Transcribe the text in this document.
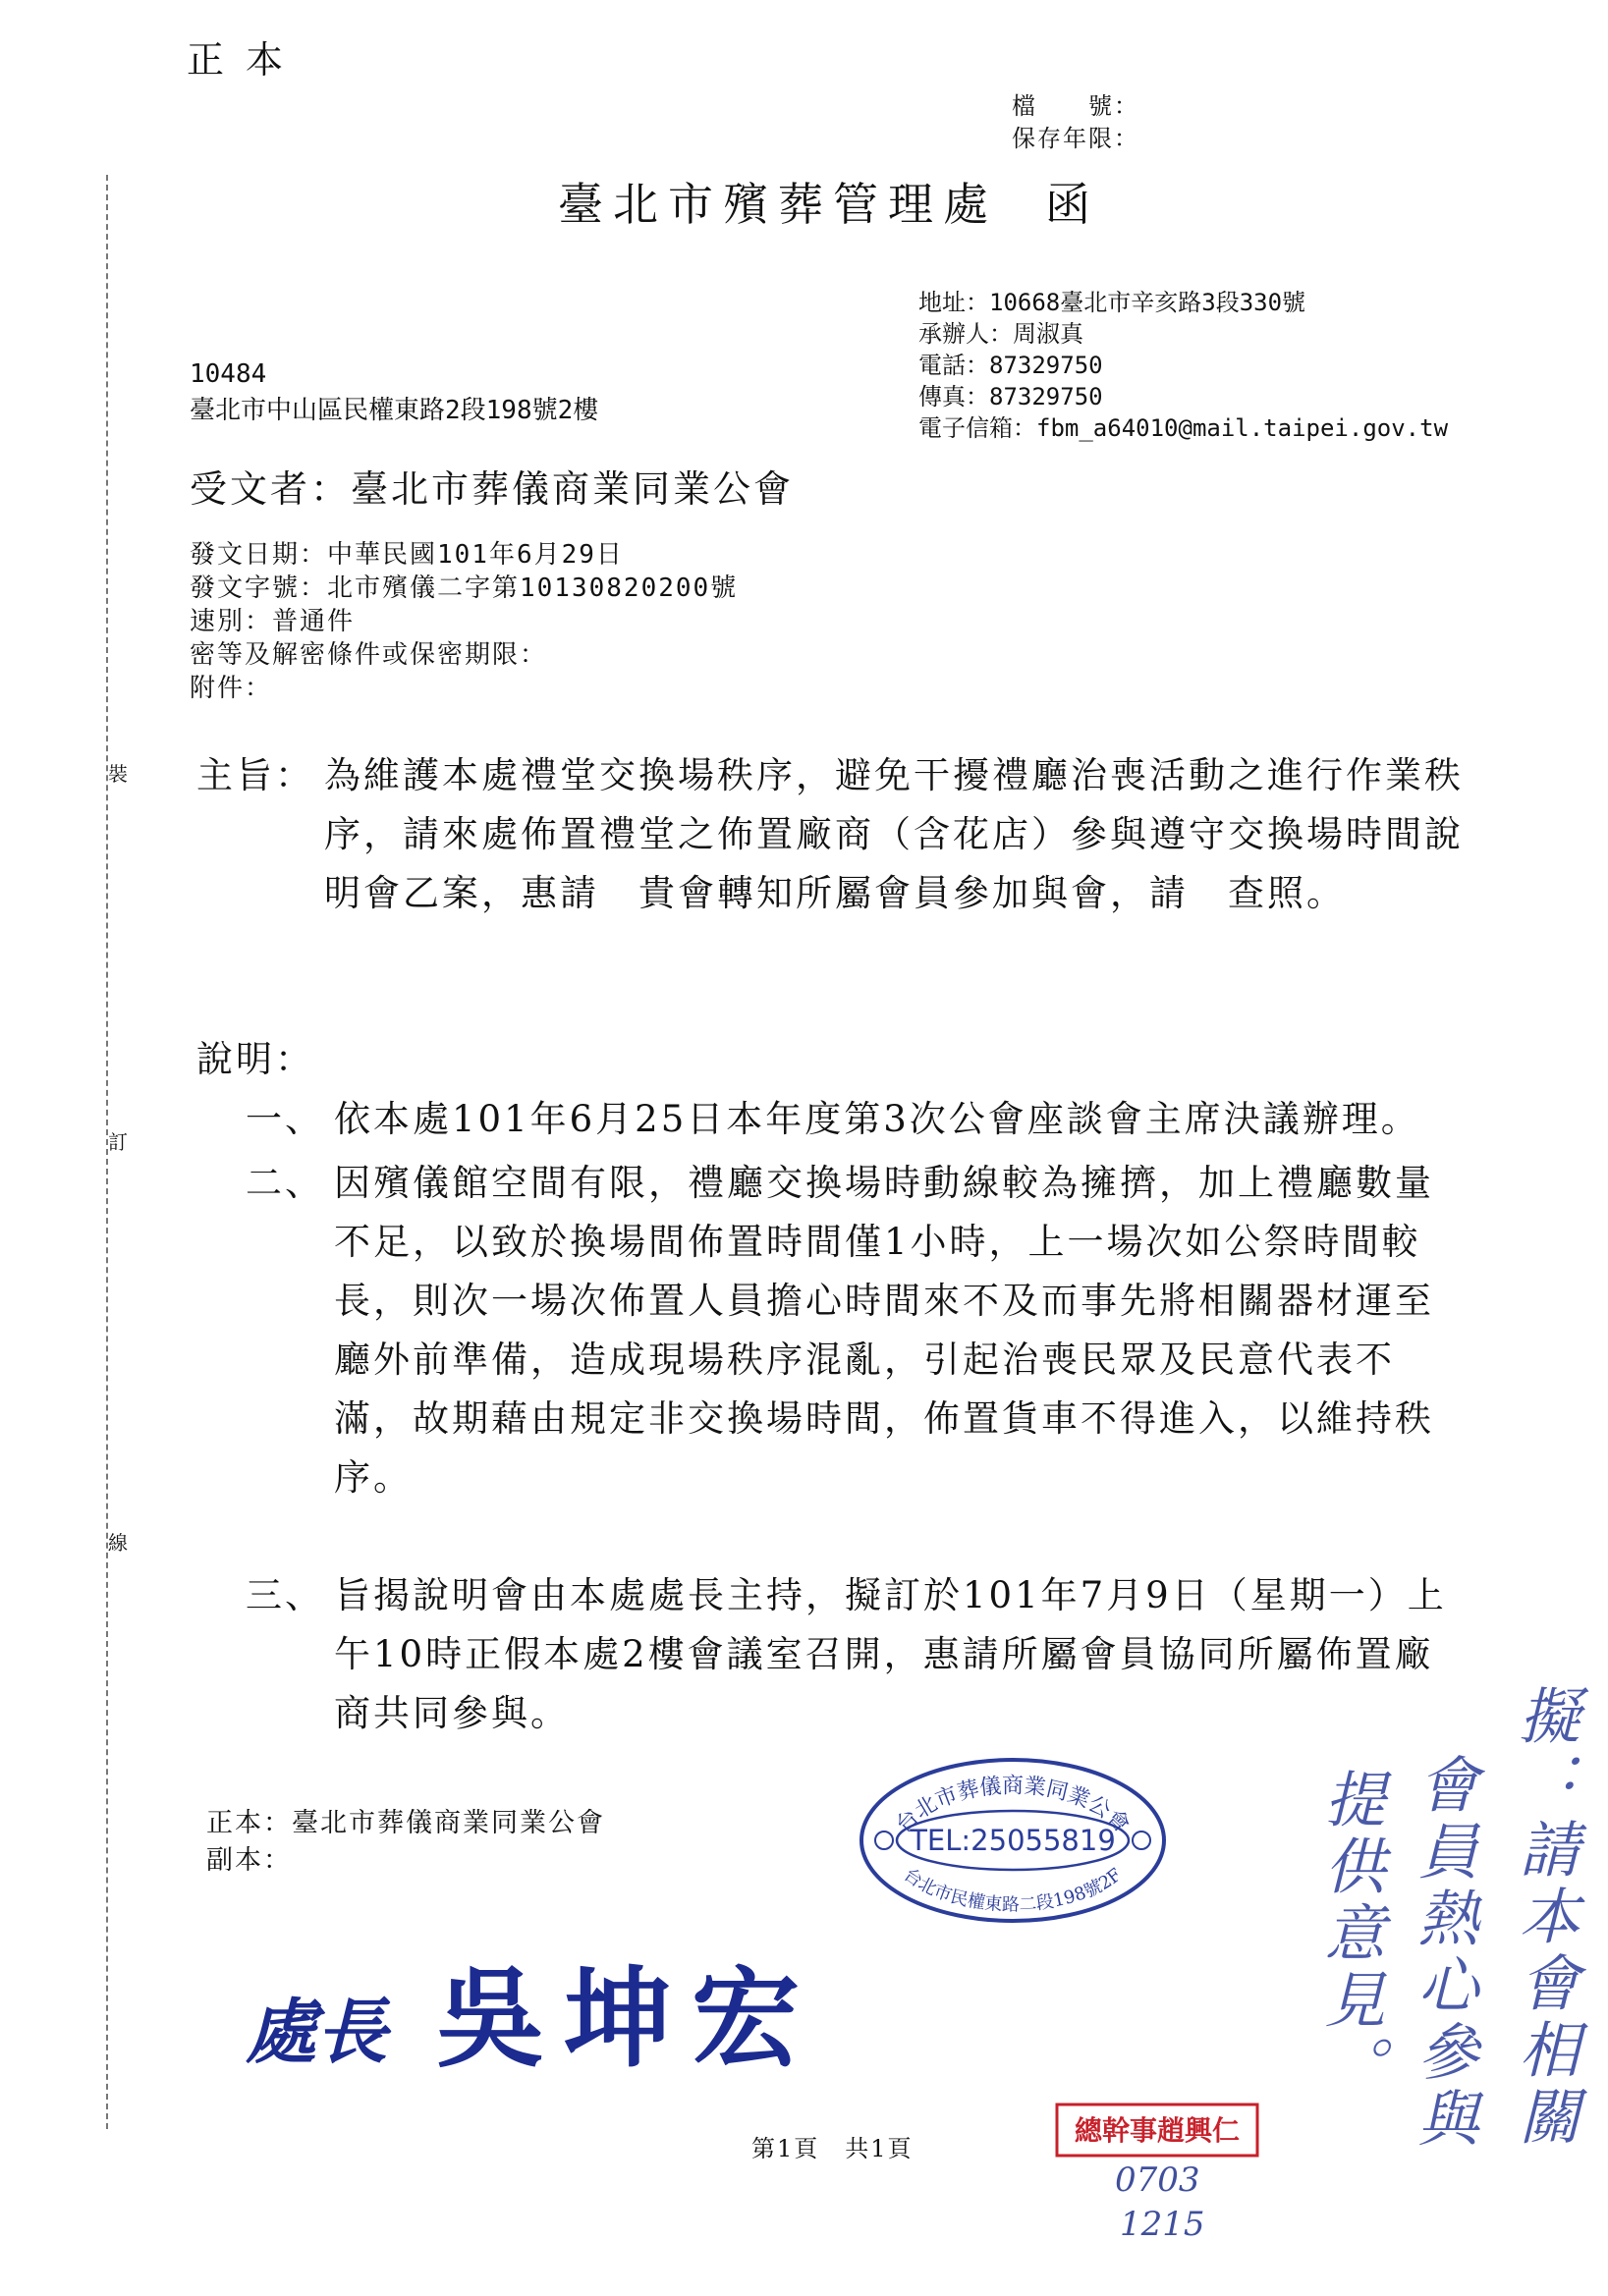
正本
檔　　號：
保存年限：
裝
訂
線
臺北市殯葬管理處 函
地址：10668臺北市辛亥路3段330號
承辦人：周淑真
電話：87329750
傳真：87329750
電子信箱：fbm_a64010@mail.taipei.gov.tw
10484
臺北市中山區民權東路2段198號2樓
受文者：臺北市葬儀商業同業公會
發文日期：中華民國101年6月29日
發文字號：北市殯儀二字第10130820200號
速別：普通件
密等及解密條件或保密期限：
附件：
主旨： 為維護本處禮堂交換場秩序，避免干擾禮廳治喪活動之進行作業秩序，請來處佈置禮堂之佈置廠商（含花店）參與遵守交換場時間說明會乙案，惠請　貴會轉知所屬會員參加與會，請　查照。
說明：
一、 依本處101年6月25日本年度第3次公會座談會主席決議辦理。
二、 因殯儀館空間有限，禮廳交換場時動線較為擁擠，加上禮廳數量不足，以致於換場間佈置時間僅1小時，上一場次如公祭時間較長，則次一場次佈置人員擔心時間來不及而事先將相關器材運至廳外前準備，造成現場秩序混亂，引起治喪民眾及民意代表不滿，故期藉由規定非交換場時間，佈置貨車不得進入，以維持秩序。
三、 旨揭說明會由本處處長主持，擬訂於101年7月9日（星期一）上午10時正假本處2樓會議室召開，惠請所屬會員協同所屬佈置廠商共同參與。
正本：臺北市葬儀商業同業公會
副本：
台北市葬儀商業同業公會
TEL:25055819
台北市民權東路二段198號2F
處長 吳坤宏
第1頁　共1頁
總幹事趙興仁	擬：請本會相關
會員熱心參與
提供意見。
0703
1215
